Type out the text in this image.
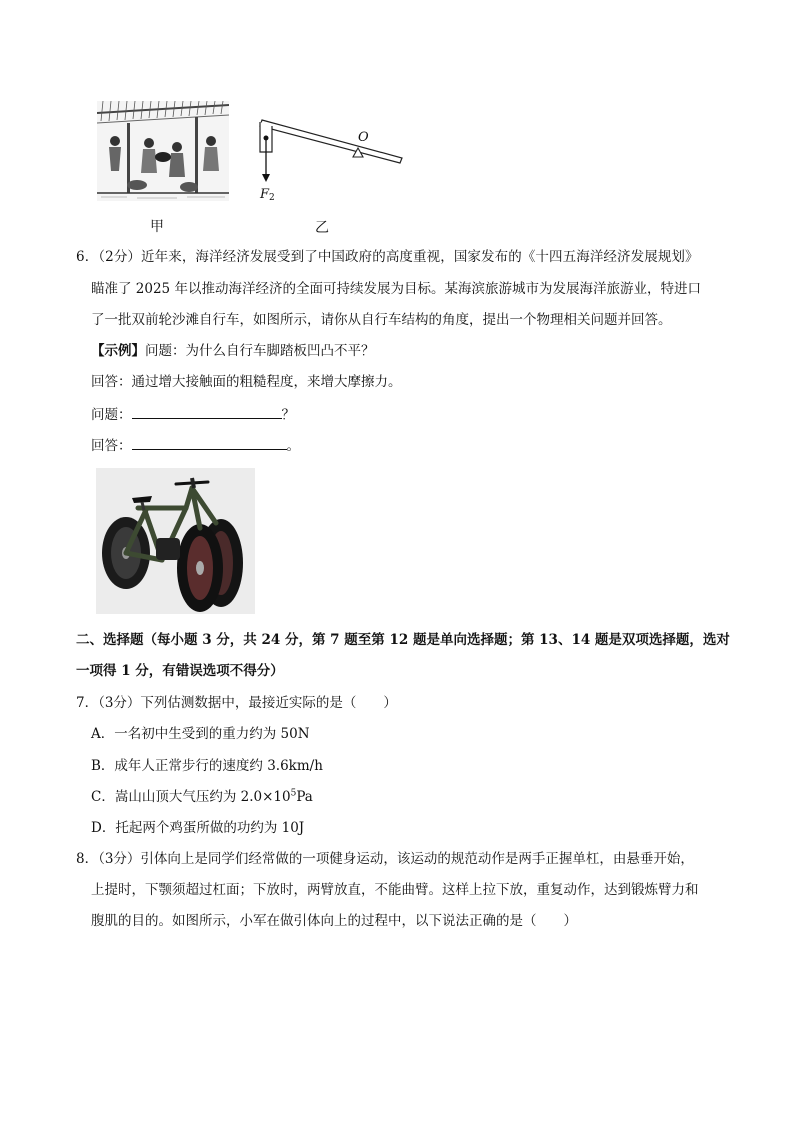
O
F2
甲	乙
6．（2分）近年来，海洋经济发展受到了中国政府的高度重视，国家发布的《十四五海洋经济发展规划》
瞄准了 2025 年以推动海洋经济的全面可持续发展为目标。某海滨旅游城市为发展海洋旅游业，特进口
了一批双前轮沙滩自行车，如图所示，请你从自行车结构的角度，提出一个物理相关问题并回答。
【示例】问题：为什么自行车脚踏板凹凸不平？
回答：通过增大接触面的粗糙程度，来增大摩擦力。
问题：	？
回答：	。
二、选择题（每小题 3 分，共 24 分，第 7 题至第 12 题是单向选择题；第 13、14 题是双项选择题，选对
一项得 1 分，有错误选项不得分）
7．（3分）下列估测数据中，最接近实际的是（　　）
A．一名初中生受到的重力约为 50N
B．成年人正常步行的速度约 3.6km/h
C．嵩山山顶大气压约为 $2.0\times 10^5Pa$
D．托起两个鸡蛋所做的功约为 10J
8．（3分）引体向上是同学们经常做的一项健身运动，该运动的规范动作是两手正握单杠，由悬垂开始，
上提时，下颚须超过杠面；下放时，两臂放直，不能曲臂。这样上拉下放，重复动作，达到锻炼臂力和
腹肌的目的。如图所示，小军在做引体向上的过程中，以下说法正确的是（　　）
